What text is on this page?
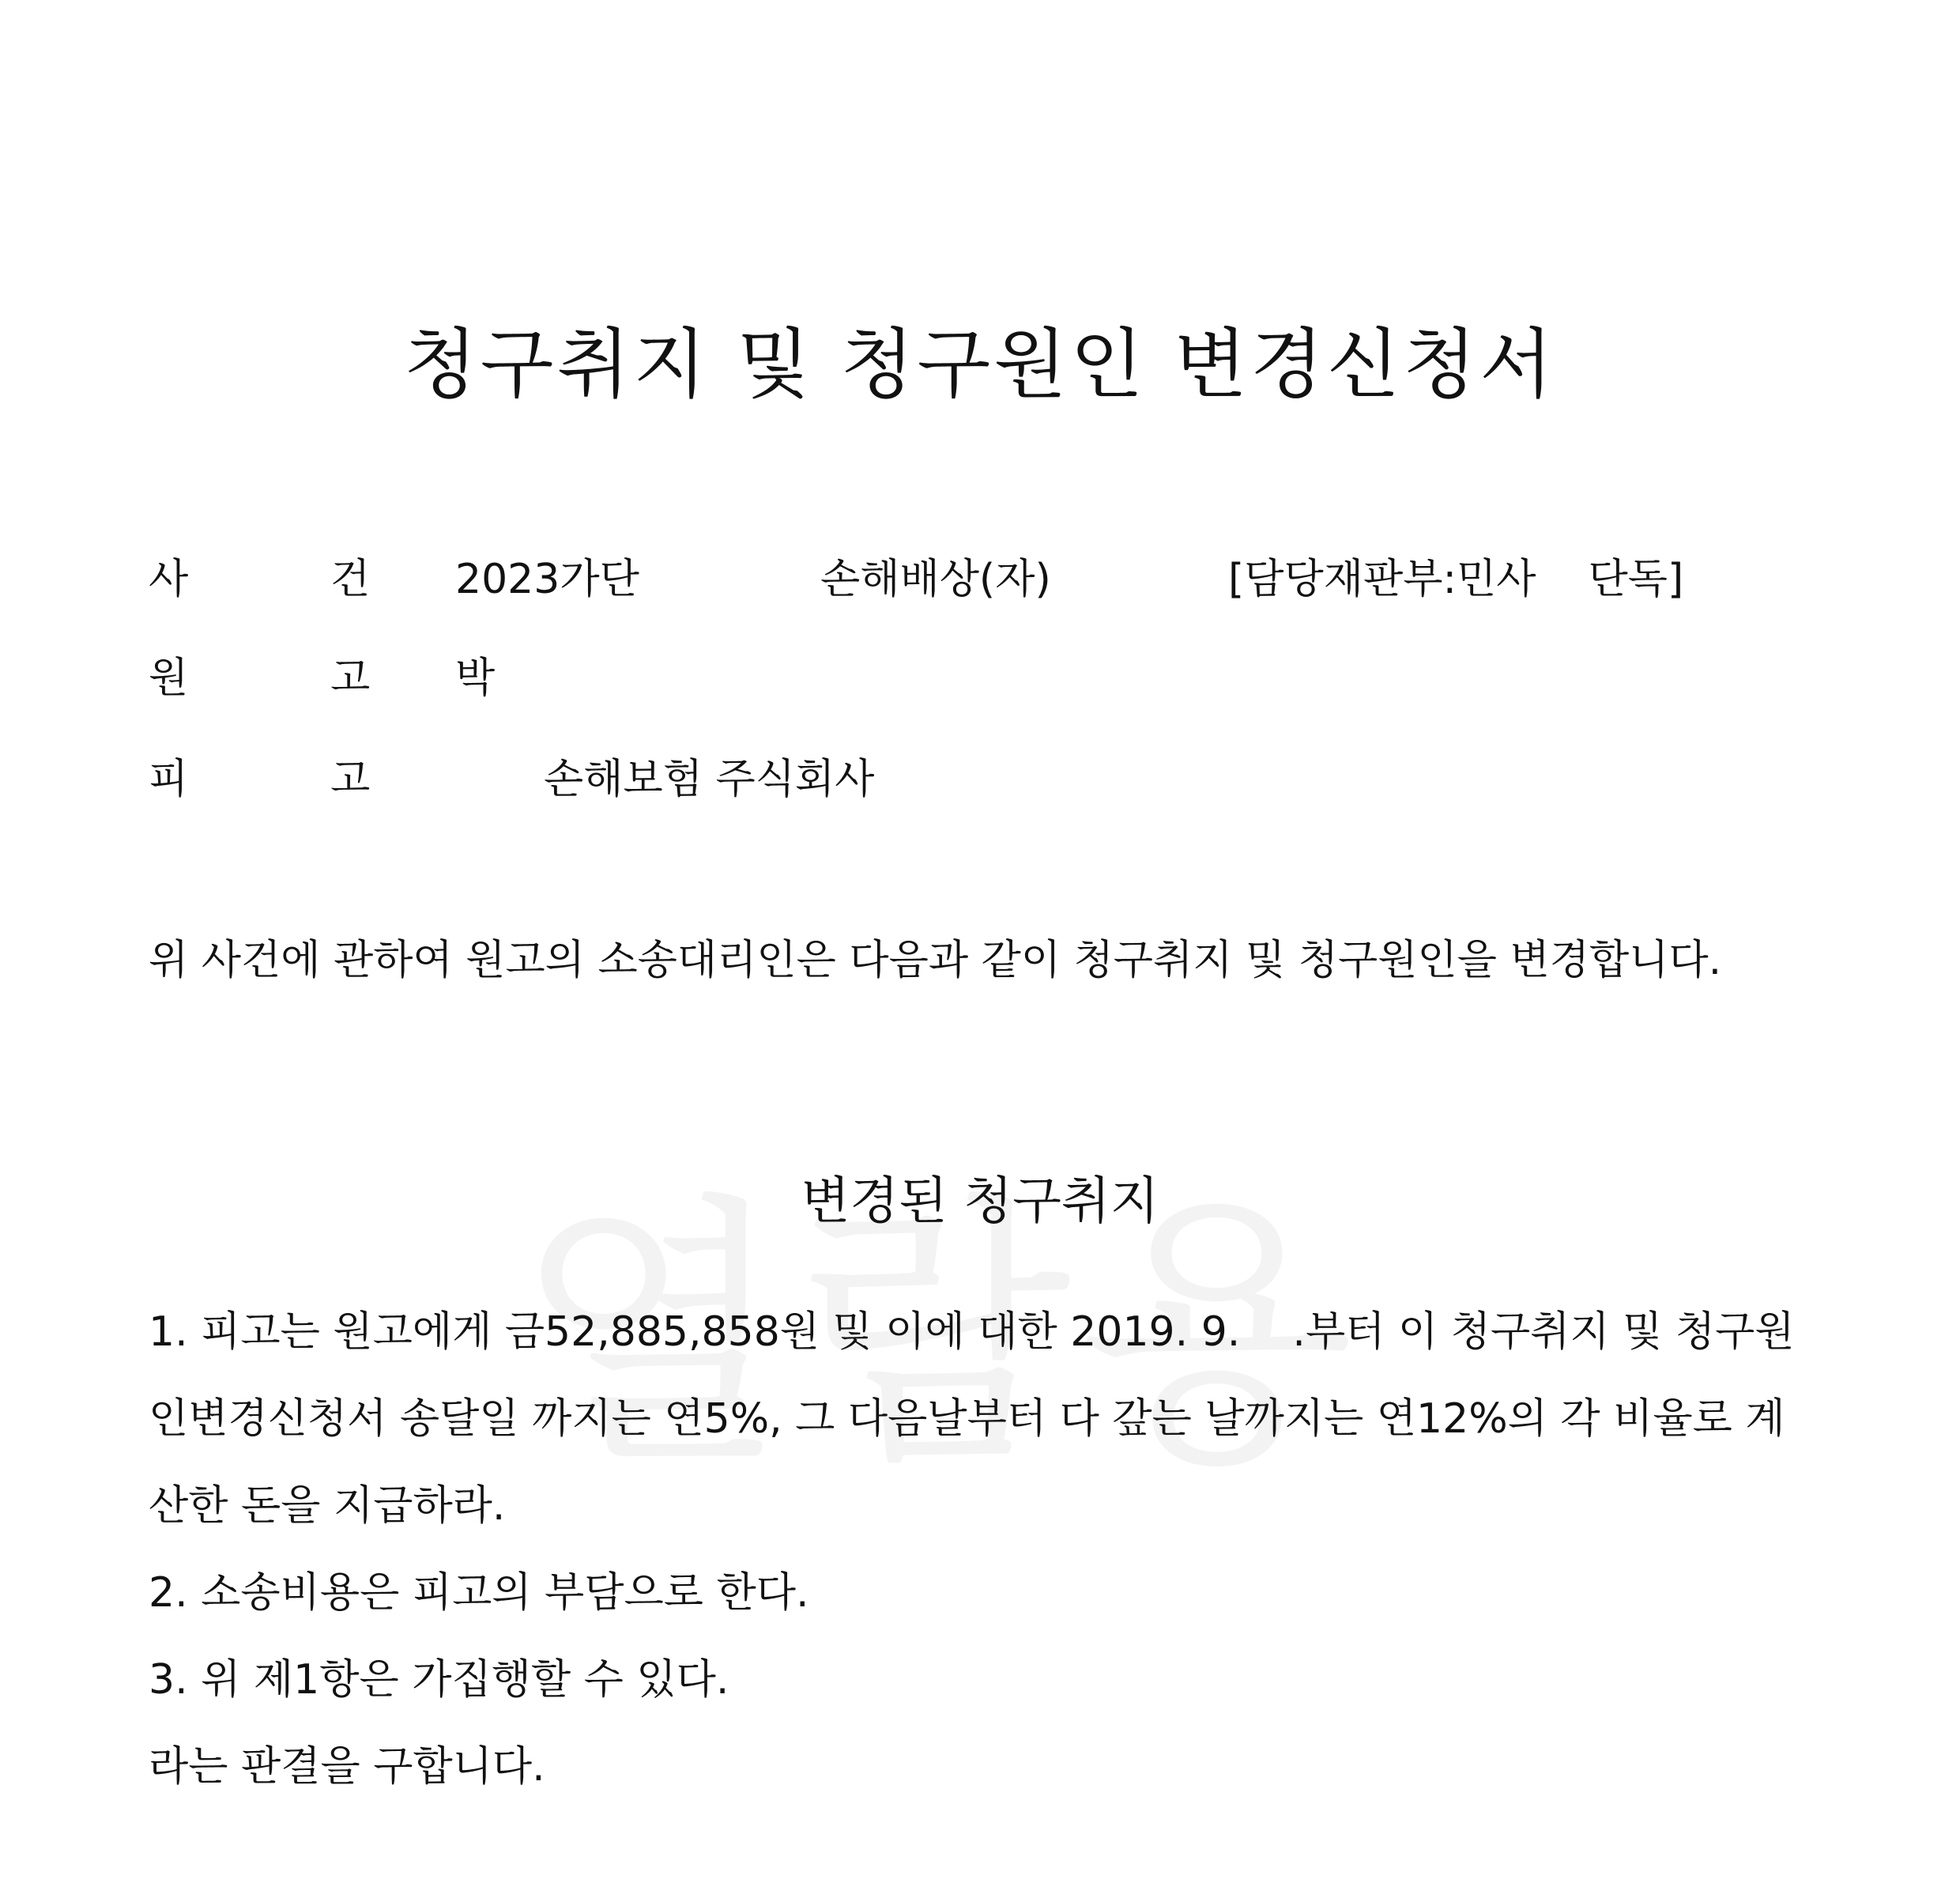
청구취지 및 청구원인 변경신청서
사	건 2023가단	손해배상(자)	[담당재판부:민사    단독]
원	고 박
피	고	손해보험 주식회사

위 사건에 관하여 원고의 소송대리인은 다음과 같이 청구취지 및 청구원인을 변경합니다.

변경된 청구취지

1. 피고는 원고에게 금52,885,858원 및 이에 대한 2019. 9.    .부터 이 청구취지 및 청구원인변경신청서 송달일 까지는 연5%, 그 다음날부터 다 갚는 날까지는 연12%의 각 비율로 계산한 돈을 지급하라.

2. 소송비용은 피고의 부담으로 한다.

3. 위 제1항은 가집행할 수 있다.

라는 판결을 구합니다.
